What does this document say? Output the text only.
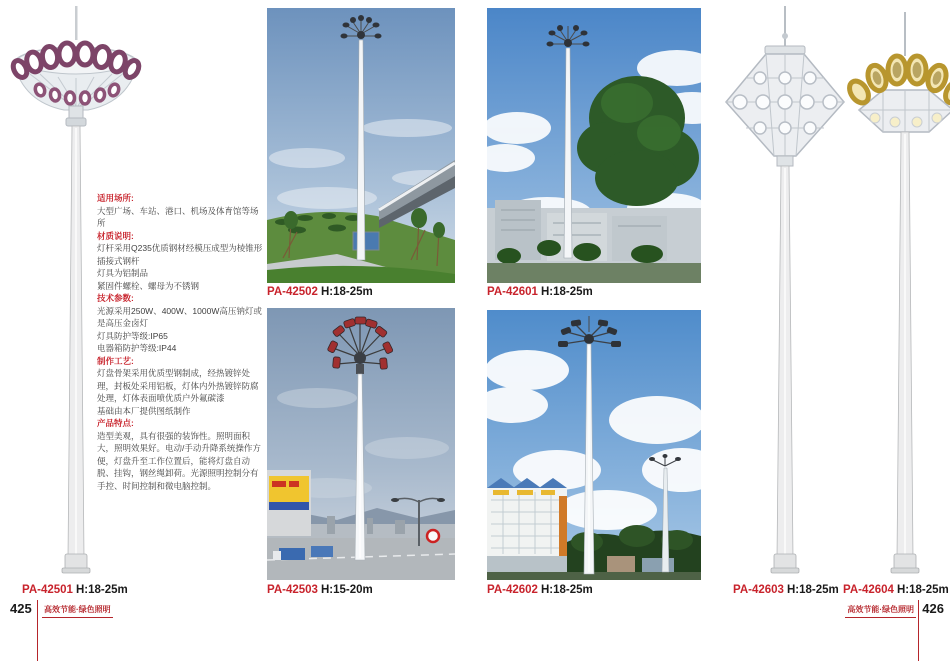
适用场所:
大型广场、车站、港口、机场及体育馆等场所
材质说明:
灯杆采用Q235优质钢材经模压成型为棱锥形插接式钢杆
灯具为铝制品
紧固件螺栓、螺母为不锈钢
技术参数:
光源采用250W、400W、1000W高压钠灯或是高压金卤灯
灯具防护等级:IP65
电器箱防护等级:IP44
制作工艺:
灯盘骨架采用优质型钢制成，经热镀锌处理，封板处采用铝板，灯体内外热镀锌防腐处理，灯体表面喷优质户外氟碳漆
基础由本厂提供图纸制作
产品特点:
造型美观，具有很强的装饰性。照明面积大，照明效果好。电动/手动升降系统操作方便，灯盘升至工作位置后，能将灯盘自动脱、挂钩，钢丝绳卸荷。光源照明控制分有手控、时间控制和微电脑控制。
PA-42502 H:18-25m	PA-42601 H:18-25m
PA-42501 H:18-25m	PA-42503 H:15-20m	PA-42602 H:18-25m	PA-42603 H:18-25m PA-42604 H:18-25m
425 高效节能·绿色照明	高效节能·绿色照明 426
